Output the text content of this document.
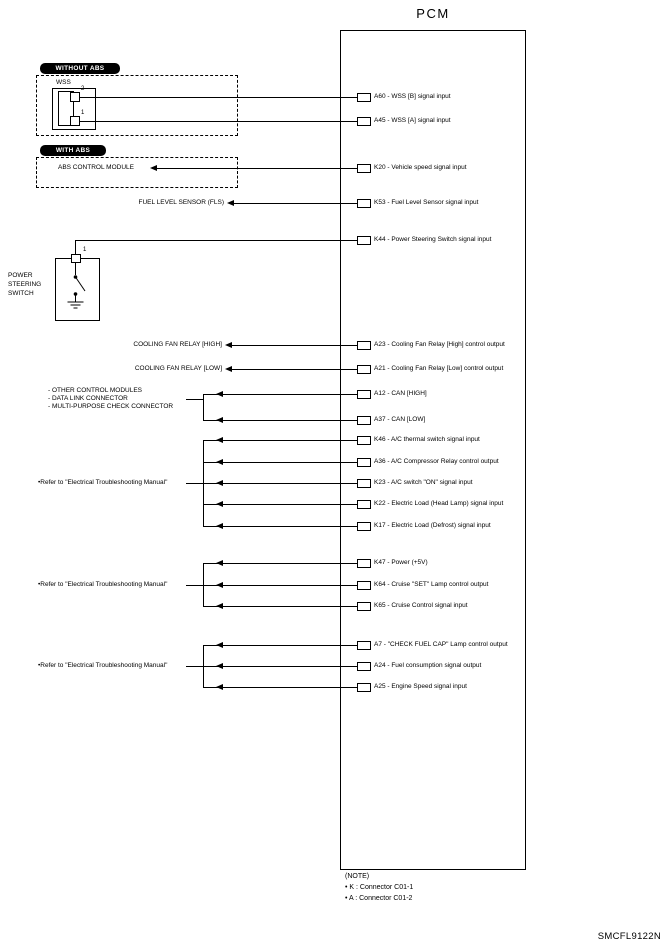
PCM
WITHOUT ABS
WSS
2
1
A60 - WSS [B] signal input
A45 - WSS [A] signal input
WITH ABS
ABS CONTROL MODULE	K20 - Vehicle speed signal input
FUEL LEVEL SENSOR (FLS)	K53 - Fuel Level Sensor signal input
POWER
STEERING
SWITCH
1
K44 - Power Steering Switch signal input
COOLING FAN RELAY [HIGH]	A23 - Cooling Fan Relay [High] control output
COOLING FAN RELAY [LOW]	A21 - Cooling Fan Relay [Low] control output
- OTHER CONTROL MODULES
- DATA LINK CONNECTOR
- MULTI-PURPOSE CHECK CONNECTOR
A12 - CAN [HIGH]
A37 - CAN [LOW]
•Refer to "Electrical Troubleshooting Manual"
K46 - A/C thermal switch signal input
A36 - A/C Compressor Relay control output
K23 - A/C switch "ON" signal input
K22 - Electric Load (Head Lamp) signal input
K17 - Electric Load (Defrost) signal input
•Refer to "Electrical Troubleshooting Manual"
K47 - Power (+5V)
K64 - Cruise "SET" Lamp control output
K65 - Cruise Control signal input
•Refer to "Electrical Troubleshooting Manual"
A7 - "CHECK FUEL CAP" Lamp control output
A24 - Fuel consumption signal output
A25 - Engine Speed signal input
(NOTE)
• K : Connector C01-1
• A : Connector C01-2
SMCFL9122N
